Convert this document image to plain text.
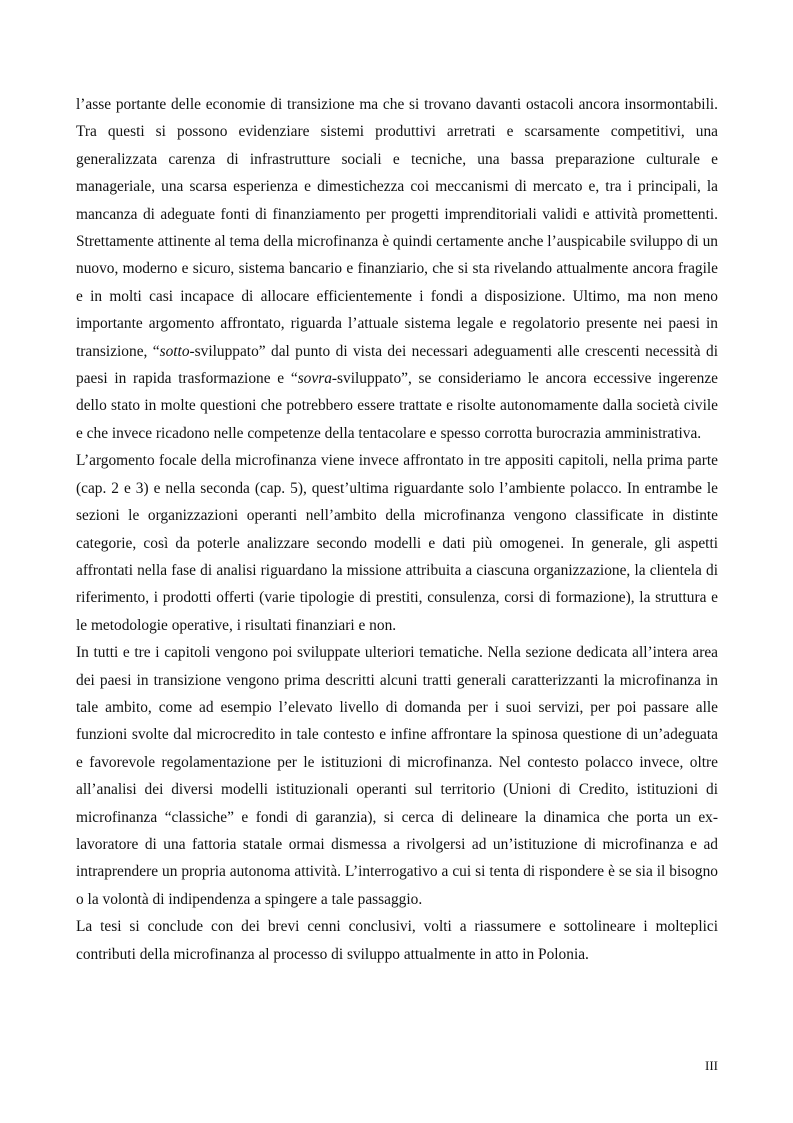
l’asse portante delle economie di transizione ma che si trovano davanti ostacoli ancora insormontabili. Tra questi si possono evidenziare sistemi produttivi arretrati e scarsamente competitivi, una generalizzata carenza di infrastrutture sociali e tecniche, una bassa preparazione culturale e manageriale, una scarsa esperienza e dimestichezza coi meccanismi di mercato e, tra i principali, la mancanza di adeguate fonti di finanziamento per progetti imprenditoriali validi e attività promettenti. Strettamente attinente al tema della microfinanza è quindi certamente anche l’auspicabile sviluppo di un nuovo, moderno e sicuro, sistema bancario e finanziario, che si sta rivelando attualmente ancora fragile e in molti casi incapace di allocare efficientemente i fondi a disposizione. Ultimo, ma non meno importante argomento affrontato, riguarda l’attuale sistema legale e regolatorio presente nei paesi in transizione, “sotto-sviluppato” dal punto di vista dei necessari adeguamenti alle crescenti necessità di paesi in rapida trasformazione e “sovra-sviluppato”, se consideriamo le ancora eccessive ingerenze dello stato in molte questioni che potrebbero essere trattate e risolte autonomamente dalla società civile e che invece ricadono nelle competenze della tentacolare e spesso corrotta burocrazia amministrativa.

L’argomento focale della microfinanza viene invece affrontato in tre appositi capitoli, nella prima parte (cap. 2 e 3) e nella seconda (cap. 5), quest’ultima riguardante solo l’ambiente polacco. In entrambe le sezioni le organizzazioni operanti nell’ambito della microfinanza vengono classificate in distinte categorie, così da poterle analizzare secondo modelli e dati più omogenei. In generale, gli aspetti affrontati nella fase di analisi riguardano la missione attribuita a ciascuna organizzazione, la clientela di riferimento, i prodotti offerti (varie tipologie di prestiti, consulenza, corsi di formazione), la struttura e le metodologie operative, i risultati finanziari e non.

In tutti e tre i capitoli vengono poi sviluppate ulteriori tematiche. Nella sezione dedicata all’intera area dei paesi in transizione vengono prima descritti alcuni tratti generali caratterizzanti la microfinanza in tale ambito, come ad esempio l’elevato livello di domanda per i suoi servizi, per poi passare alle funzioni svolte dal microcredito in tale contesto e infine affrontare la spinosa questione di un’adeguata e favorevole regolamentazione per le istituzioni di microfinanza. Nel contesto polacco invece, oltre all’analisi dei diversi modelli istituzionali operanti sul territorio (Unioni di Credito, istituzioni di microfinanza “classiche” e fondi di garanzia), si cerca di delineare la dinamica che porta un ex-lavoratore di una fattoria statale ormai dismessa a rivolgersi ad un’istituzione di microfinanza e ad intraprendere un propria autonoma attività. L’interrogativo a cui si tenta di rispondere è se sia il bisogno o la volontà di indipendenza a spingere a tale passaggio.

La tesi si conclude con dei brevi cenni conclusivi, volti a riassumere e sottolineare i molteplici contributi della microfinanza al processo di sviluppo attualmente in atto in Polonia.

III
